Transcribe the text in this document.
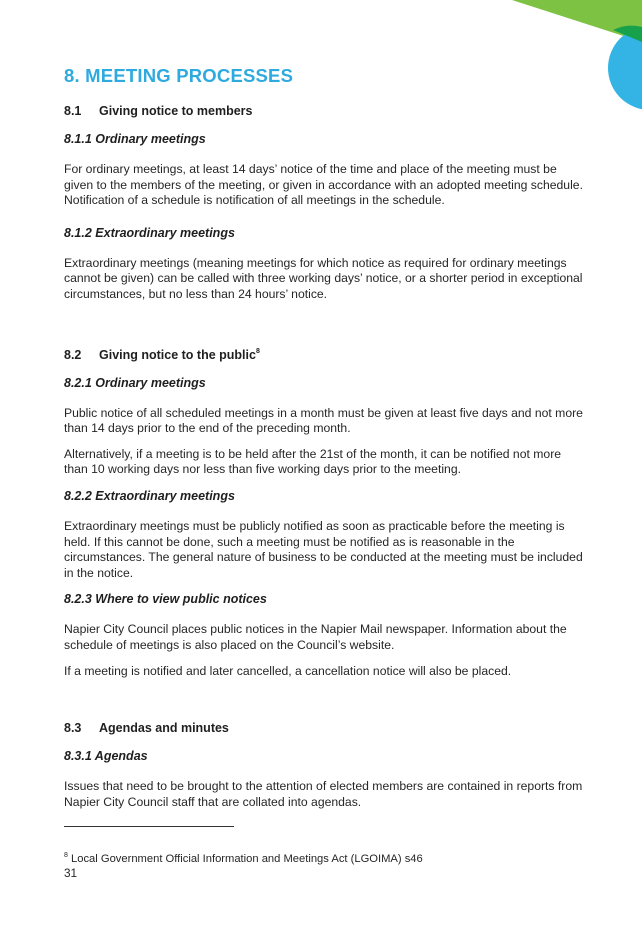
8. MEETING PROCESSES
8.1 Giving notice to members
8.1.1 Ordinary meetings

For ordinary meetings, at least 14 days’ notice of the time and place of the meeting must be given to the members of the meeting, or given in accordance with an adopted meeting schedule. Notification of a schedule is notification of all meetings in the schedule.

8.1.2 Extraordinary meetings

Extraordinary meetings (meaning meetings for which notice as required for ordinary meetings cannot be given) can be called with three working days’ notice, or a shorter period in exceptional circumstances, but no less than 24 hours’ notice.

8.2 Giving notice to the public$^8$
8.2.1 Ordinary meetings

Public notice of all scheduled meetings in a month must be given at least five days and not more than 14 days prior to the end of the preceding month.

Alternatively, if a meeting is to be held after the 21st of the month, it can be notified not more than 10 working days nor less than five working days prior to the meeting.

8.2.2 Extraordinary meetings

Extraordinary meetings must be publicly notified as soon as practicable before the meeting is held. If this cannot be done, such a meeting must be notified as is reasonable in the circumstances. The general nature of business to be conducted at the meeting must be included in the notice.

8.2.3 Where to view public notices

Napier City Council places public notices in the Napier Mail newspaper. Information about the schedule of meetings is also placed on the Council’s website.

If a meeting is notified and later cancelled, a cancellation notice will also be placed.

8.3 Agendas and minutes
8.3.1 Agendas

Issues that need to be brought to the attention of elected members are contained in reports from Napier City Council staff that are collated into agendas.

$^8$ Local Government Official Information and Meetings Act (LGOIMA) s46
31
